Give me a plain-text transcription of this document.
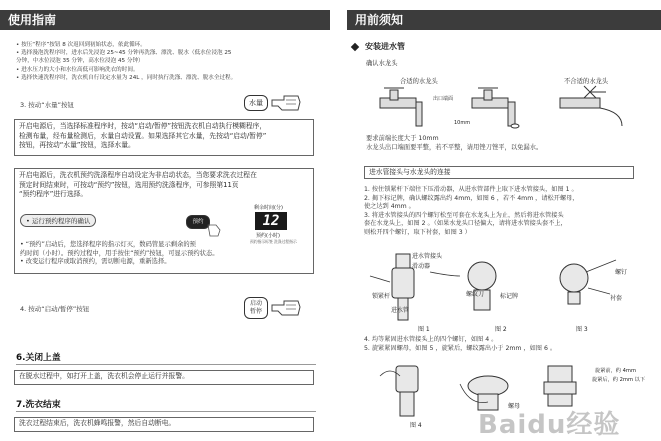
使用指南
• 按压“程序”按钮 8 次返回到初始状态，依此循环。
• 选择漫泡洗程序时，进水后先浸泡 25~45 分钟再洗涤、漂洗、脱水（低水位浸泡 25
分钟，中水位浸泡 35 分钟，高水位浸泡 45 分钟）
• 进水压力的大小和水位高低可影响洗衣的时间。
• 选择快速洗程序时，洗衣机自行设定水量为 24L ，同时执行洗涤、漂洗、脱水全过程。
3. 按动“水量”按钮	水量
开启电源后，当选择标准程序时，按动“启动/暂停”按钮洗衣机自动执行模糊程序，
检测布量，经布量检测后，水量自动设置。如果选择其它水量，先按动“启动/暂停”
按钮，再按动“水量”按钮，选择水量。
开启电源后，洗衣机预约洗涤程序自动设定为非启动状态，当您要求洗衣过程在
预定时间结束时，可按动“预约”按钮，选用预约洗涤程序，可参照第11页
“预约程序”进行选择。
• 运行预约程序的确认	预约
剩余时间(分)
12
预约(小时)
预约指示标签 洗涤过程指示
• “预约”启动后，您选择程序的指示灯灭，数码管显示剩余的预
约时间（小时）。预约过程中，用手按住“预约”按钮，可显示预约状态。
• 改变运行程序或取消预约，需切断电源，重新选择。
4. 按动“启动/暂停”按钮
启动
暂停
6.关闭上盖
在脱水过程中，如打开上盖，洗衣机会停止运行并报警。
7.洗衣结束
洗衣过程结束后，洗衣机蜂鸣报警，然后自动断电。
用前须知
安装进水管
确认水龙头
合适的水龙头	不合适的水龙头
出口端面
10mm
要求前端长度大于 10mm
水龙头出口端面要平整，若不平整，请用锉刀锉平，以免漏水。
进水管接头与水龙头的连接
1. 按住锁紧杆下端往下压滑动器，从进水管部件上取下进水管接头，如图 1 。
2. 揭下标记牌，确认螺纹露出约 4mm，如图 6 ，若不 4mm ，请松开螺母，
使之达到 4mm 。
3. 将进水管接头的四个螺钉松至可套在水龙头上为止，然后将进水管接头
套在水龙头上，如图 2 。（如果水龙头口径偏大，请将进水管接头套不上，
则松开四个螺钉，取下衬套，如图 3 ）
进水管接头
滑动器
锁紧杆
进水管
螺纹刀	标记牌
螺钉
衬套
图 1	图 2	图 3
4. 均等紧固进水管接头上的四个螺钉，如图 4 。
5. 旋紧紧固螺母，如图 5 ，旋紧后，螺纹露出小于 2mm ，如图 6 。
螺母
旋紧前，约 4mm
旋紧后，约 2mm 以下
图 4 Baidu经验
